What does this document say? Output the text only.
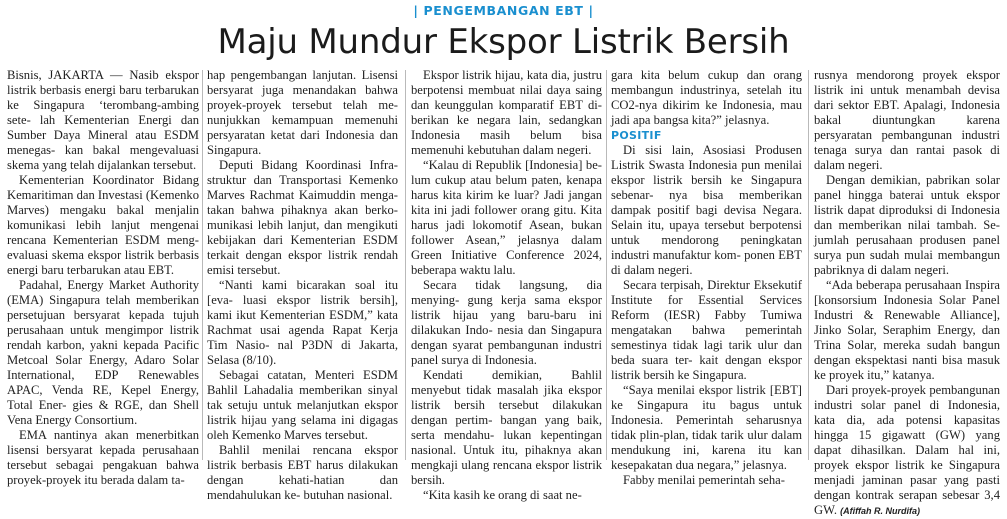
| PENGEMBANGAN EBT |
Maju Mundur Ekspor Listrik Bersih

Bisnis, JAKARTA — Nasib ekspor listrik berbasis energi baru terbarukan ke Singapura ‘terombang-ambing sete- lah Kementerian Energi dan Sumber Daya Mineral atau ESDM menegas- kan bakal mengevaluasi skema yang telah dijalankan tersebut.

Kementerian Koordinator Bidang Kemaritiman dan Investasi (Kemenko Marves) mengaku bakal menjalin komunikasi lebih lanjut mengenai rencana Kementerian ESDM meng- evaluasi skema ekspor listrik berbasis energi baru terbarukan atau EBT.

Padahal, Energy Market Authority (EMA) Singapura telah memberikan persetujuan bersyarat kepada tujuh perusahaan untuk mengimpor listrik rendah karbon, yakni kepada Pacific Metcoal Solar Energy, Adaro Solar International, EDP Renewables APAC, Venda RE, Kepel Energy, Total Ener- gies & RGE, dan Shell Vena Energy Consortium.

EMA nantinya akan menerbitkan lisensi bersyarat kepada perusahaan tersebut sebagai pengakuan bahwa proyek-proyek itu berada dalam ta-

hap pengembangan lanjutan. Lisensi bersyarat juga menandakan bahwa proyek-proyek tersebut telah me- nunjukkan kemampuan memenuhi persyaratan ketat dari Indonesia dan Singapura.

Deputi Bidang Koordinasi Infra- struktur dan Transportasi Kemenko Marves Rachmat Kaimuddin menga- takan bahwa pihaknya akan berko- munikasi lebih lanjut, dan mengikuti kebijakan dari Kementerian ESDM terkait dengan ekspor listrik rendah emisi tersebut.

“Nanti kami bicarakan soal itu [eva- luasi ekspor listrik bersih], kami ikut Kementerian ESDM,” kata Rachmat usai agenda Rapat Kerja Tim Nasio- nal P3DN di Jakarta, Selasa (8/10).

Sebagai catatan, Menteri ESDM Bahlil Lahadalia memberikan sinyal tak setuju untuk melanjutkan ekspor listrik hijau yang selama ini digagas oleh Kemenko Marves tersebut.

Bahlil menilai rencana ekspor listrik berbasis EBT harus dilakukan dengan kehati-hatian dan mendahulukan ke- butuhan nasional.

Ekspor listrik hijau, kata dia, justru berpotensi membuat nilai daya saing dan keunggulan komparatif EBT di- berikan ke negara lain, sedangkan Indonesia masih belum bisa memenuhi kebutuhan dalam negeri.

“Kalau di Republik [Indonesia] be- lum cukup atau belum paten, kenapa harus kita kirim ke luar? Jadi jangan kita ini jadi follower orang gitu. Kita harus jadi lokomotif Asean, bukan follower Asean,” jelasnya dalam Green Initiative Conference 2024, beberapa waktu lalu.

Secara tidak langsung, dia menying- gung kerja sama ekspor listrik hijau yang baru-baru ini dilakukan Indo- nesia dan Singapura dengan syarat pembangunan industri panel surya di Indonesia.

Kendati demikian, Bahlil menyebut tidak masalah jika ekspor listrik bersih tersebut dilakukan dengan pertim- bangan yang baik, serta mendahu- lukan kepentingan nasional. Untuk itu, pihaknya akan mengkaji ulang rencana ekspor listrik bersih.

“Kita kasih ke orang di saat ne-

gara kita belum cukup dan orang membangun industrinya, setelah itu CO2-nya dikirim ke Indonesia, mau jadi apa bangsa kita?” jelasnya.

POSITIF

Di sisi lain, Asosiasi Produsen Listrik Swasta Indonesia pun menilai ekspor listrik bersih ke Singapura sebenar- nya bisa memberikan dampak positif bagi devisa Negara. Selain itu, upaya tersebut berpotensi untuk mendorong peningkatan industri manufaktur kom- ponen EBT di dalam negeri.

Secara terpisah, Direktur Eksekutif Institute for Essential Services Reform (IESR) Fabby Tumiwa mengatakan bahwa pemerintah semestinya tidak lagi tarik ulur dan beda suara ter- kait dengan ekspor listrik bersih ke Singapura.

“Saya menilai ekspor listrik [EBT] ke Singapura itu bagus untuk Indonesia. Pemerintah seharusnya tidak plin-plan, tidak tarik ulur dalam mendukung ini, karena itu kan kesepakatan dua negara,” jelasnya.

Fabby menilai pemerintah seha-

rusnya mendorong proyek ekspor listrik ini untuk menambah devisa dari sektor EBT. Apalagi, Indonesia bakal diuntungkan karena persyaratan pembangunan industri tenaga surya dan rantai pasok di dalam negeri.

Dengan demikian, pabrikan solar panel hingga baterai untuk ekspor listrik dapat diproduksi di Indonesia dan memberikan nilai tambah. Se- jumlah perusahaan produsen panel surya pun sudah mulai membangun pabriknya di dalam negeri.

“Ada beberapa perusahaan Inspira [konsorsium Indonesia Solar Panel Industri & Renewable Alliance], Jinko Solar, Seraphim Energy, dan Trina Solar, mereka sudah bangun dengan ekspektasi nanti bisa masuk ke proyek itu,” katanya.

Dari proyek-proyek pembangunan industri solar panel di Indonesia, kata dia, ada potensi kapasitas hingga 15 gigawatt (GW) yang dapat dihasilkan. Dalam hal ini, proyek ekspor listrik ke Singapura menjadi jaminan pasar yang pasti dengan kontrak serapan sebesar 3,4 GW. (Afiffah R. Nurdifa)
